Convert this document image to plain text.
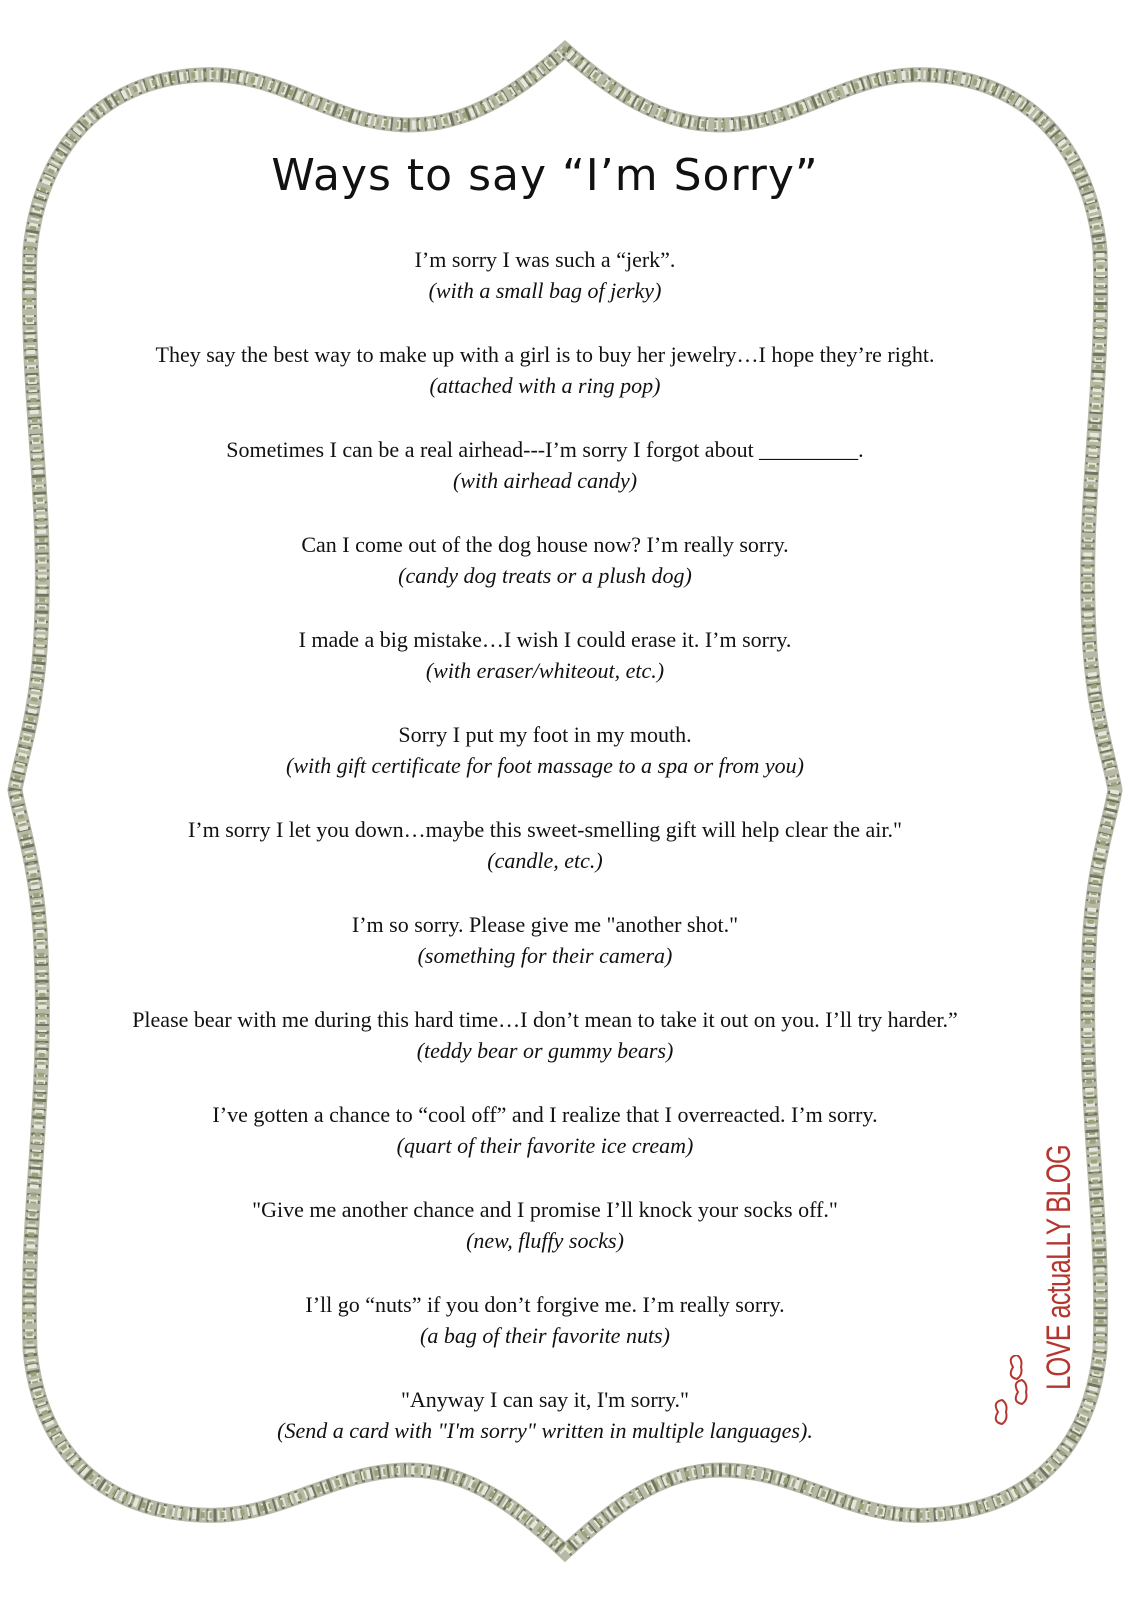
Ways to say “I’m Sorry”
I’m sorry I was such a “jerk”.
(with a small bag of jerky)
They say the best way to make up with a girl is to buy her jewelry…I hope they’re right.
(attached with a ring pop)
Sometimes I can be a real airhead---I’m sorry I forgot about _________.
(with airhead candy)
Can I come out of the dog house now? I’m really sorry.
(candy dog treats or a plush dog)
I made a big mistake…I wish I could erase it. I’m sorry.
(with eraser/whiteout, etc.)
Sorry I put my foot in my mouth.
(with gift certificate for foot massage to a spa or from you)
I’m sorry I let you down…maybe this sweet-smelling gift will help clear the air."
(candle, etc.)
I’m so sorry. Please give me "another shot."
(something for their camera)
Please bear with me during this hard time…I don’t mean to take it out on you. I’ll try harder.”
(teddy bear or gummy bears)
I’ve gotten a chance to “cool off” and I realize that I overreacted. I’m sorry.
(quart of their favorite ice cream)
"Give me another chance and I promise I’ll knock your socks off."
(new, fluffy socks)
I’ll go “nuts” if you don’t forgive me. I’m really sorry.
(a bag of their favorite nuts)
"Anyway I can say it, I'm sorry."
(Send a card with "I'm sorry" written in multiple languages).
LOVE actuaLLY BLOG
